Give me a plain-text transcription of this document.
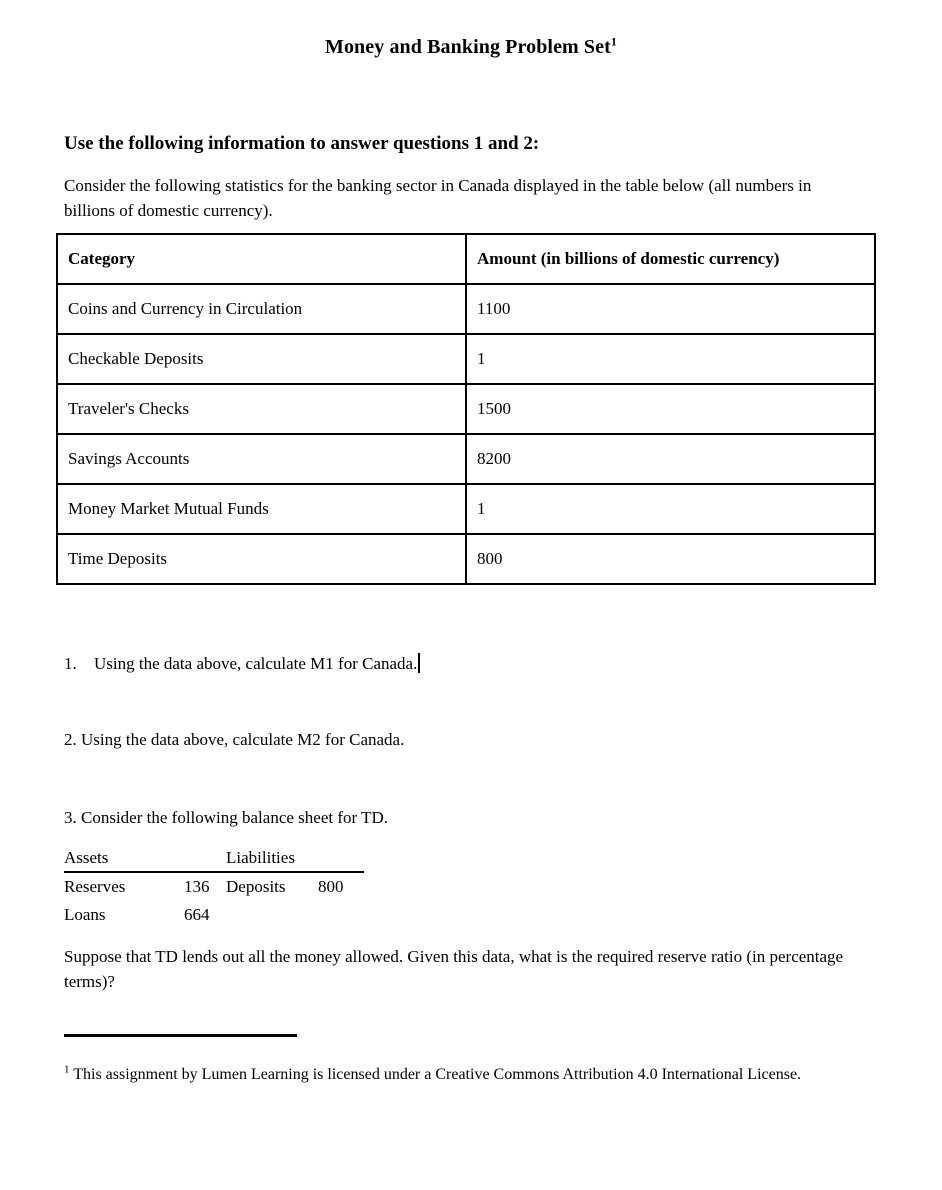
Money and Banking Problem Set$^1$
Use the following information to answer questions 1 and 2:
Consider the following statistics for the banking sector in Canada displayed in the table below (all numbers in billions of domestic currency).
Category	Amount (in billions of domestic currency)
Coins and Currency in Circulation	1100
Checkable Deposits	1
Traveler's Checks	1500
Savings Accounts	8200
Money Market Mutual Funds	1
Time Deposits	800
1. Using the data above, calculate M1 for Canada.
2. Using the data above, calculate M2 for Canada.
3. Consider the following balance sheet for TD.
Assets		Liabilities	
Reserves	136	Deposits	800
Loans	664		
Suppose that TD lends out all the money allowed. Given this data, what is the required reserve ratio (in percentage terms)?
$^1$ This assignment by Lumen Learning is licensed under a Creative Commons Attribution 4.0 International License.
